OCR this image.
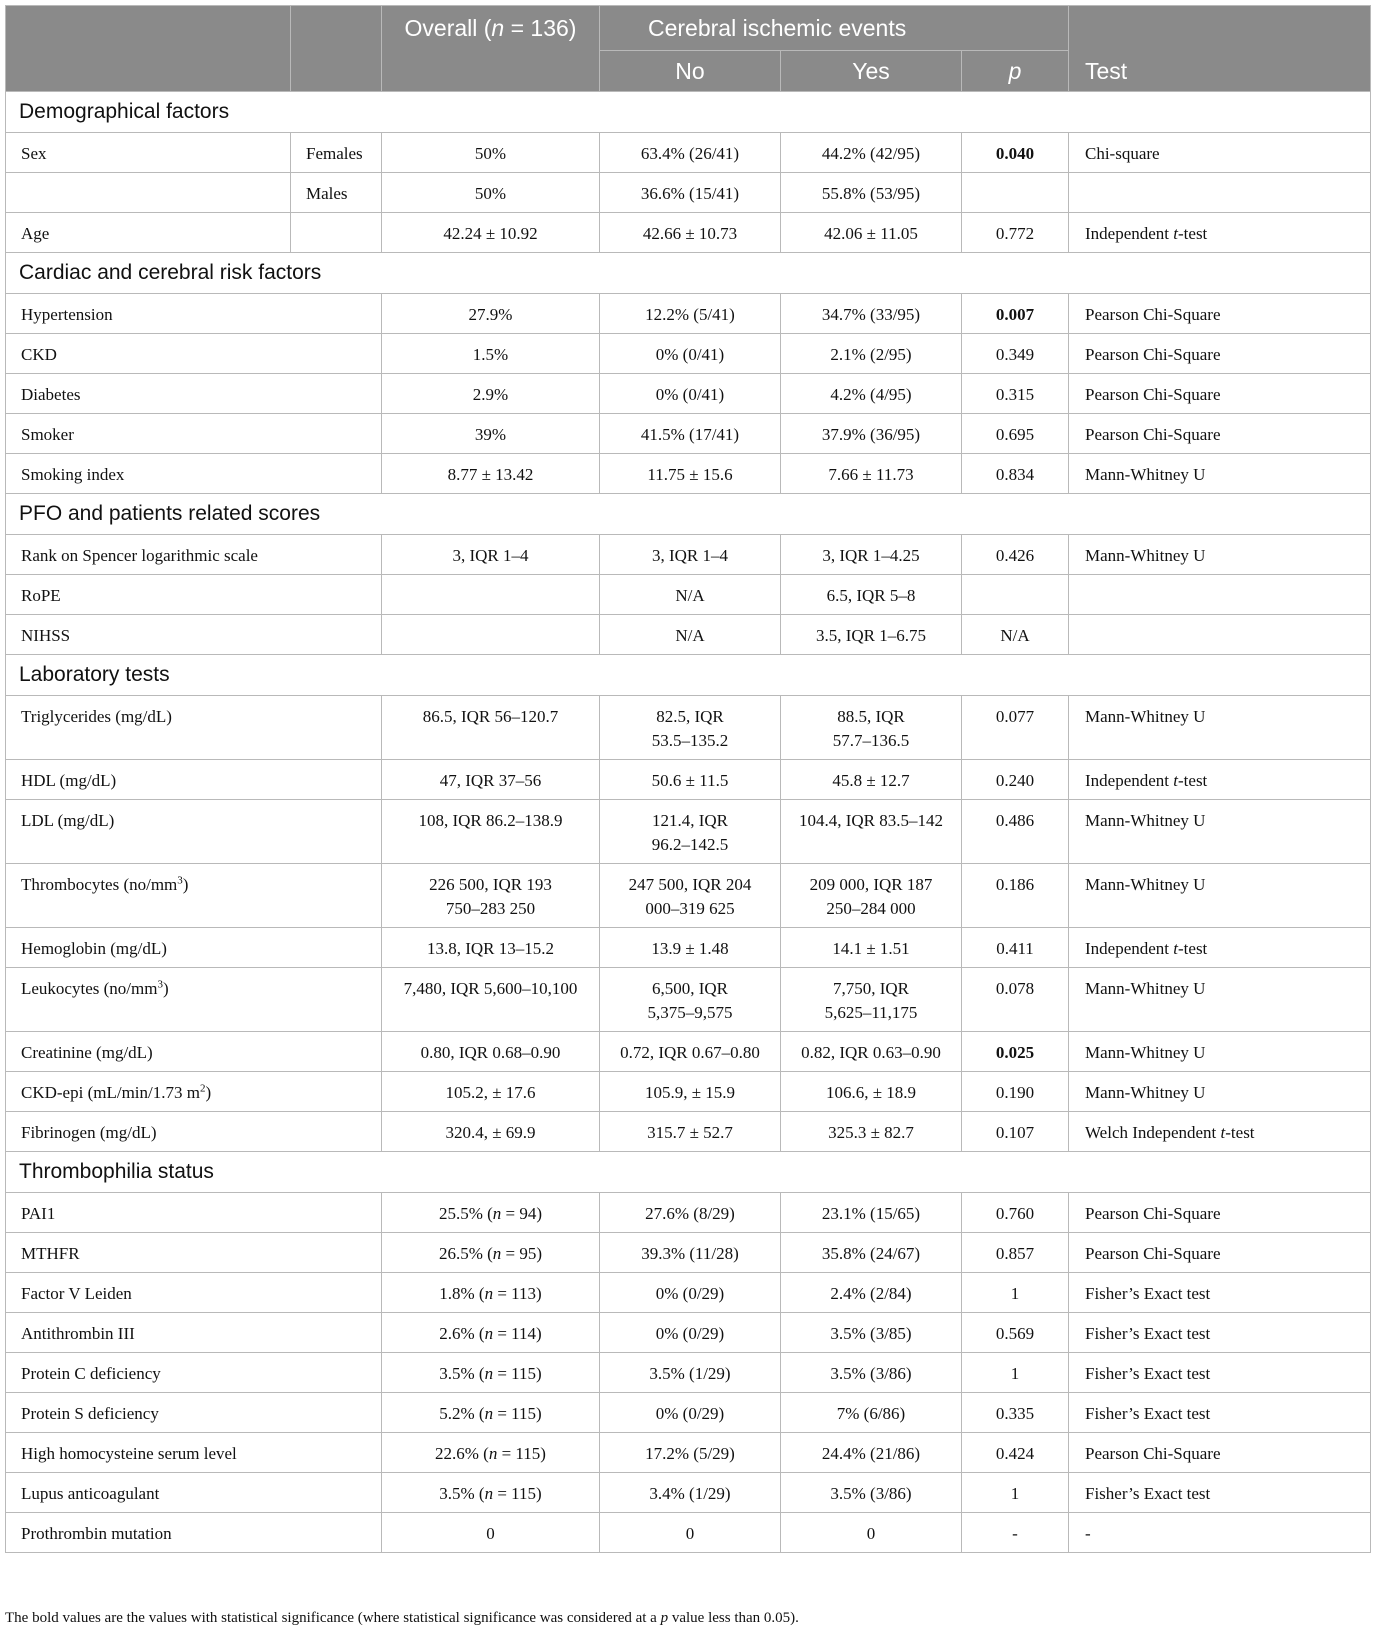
		Overall (n = 136)	Cerebral ischemic events			Test
			No	Yes	p	
Demographical factors						
Sex	Females	50%	63.4% (26/41)	44.2% (42/95)	0.040	Chi-square
	Males	50%	36.6% (15/41)	55.8% (53/95)		
Age		42.24 ± 10.92	42.66 ± 10.73	42.06 ± 11.05	0.772	Independent t-test
Cardiac and cerebral risk factors						
Hypertension		27.9%	12.2% (5/41)	34.7% (33/95)	0.007	Pearson Chi-Square
CKD		1.5%	0% (0/41)	2.1% (2/95)	0.349	Pearson Chi-Square
Diabetes		2.9%	0% (0/41)	4.2% (4/95)	0.315	Pearson Chi-Square
Smoker		39%	41.5% (17/41)	37.9% (36/95)	0.695	Pearson Chi-Square
Smoking index		8.77 ± 13.42	11.75 ± 15.6	7.66 ± 11.73	0.834	Mann-Whitney U
PFO and patients related scores						
Rank on Spencer logarithmic scale		3, IQR 1–4	3, IQR 1–4	3, IQR 1–4.25	0.426	Mann-Whitney U
RoPE			N/A	6.5, IQR 5–8		
NIHSS			N/A	3.5, IQR 1–6.75	N/A	
Laboratory tests						
Triglycerides (mg/dL)		86.5, IQR 56–120.7	82.5, IQR
53.5–135.2	88.5, IQR
57.7–136.5	0.077	Mann-Whitney U
HDL (mg/dL)		47, IQR 37–56	50.6 ± 11.5	45.8 ± 12.7	0.240	Independent t-test
LDL (mg/dL)		108, IQR 86.2–138.9	121.4, IQR
96.2–142.5	104.4, IQR 83.5–142	0.486	Mann-Whitney U
Thrombocytes $(no/mm^3)$		226 500, IQR 193
750–283 250	247 500, IQR 204
000–319 625	209 000, IQR 187
250–284 000	0.186	Mann-Whitney U
Hemoglobin (mg/dL)		13.8, IQR 13–15.2	13.9 ± 1.48	14.1 ± 1.51	0.411	Independent t-test
Leukocytes $(no/mm^3)$		7,480, IQR 5,600–10,100	6,500, IQR
5,375–9,575	7,750, IQR
5,625–11,175	0.078	Mann-Whitney U
Creatinine (mg/dL)		0.80, IQR 0.68–0.90	0.72, IQR 0.67–0.80	0.82, IQR 0.63–0.90	0.025	Mann-Whitney U
CKD-epi (mL/min/1.73 $m^2$)		105.2, ± 17.6	105.9, ± 15.9	106.6, ± 18.9	0.190	Mann-Whitney U
Fibrinogen (mg/dL)		320.4, ± 69.9	315.7 ± 52.7	325.3 ± 82.7	0.107	Welch Independent t-test
Thrombophilia status						
PAI1		25.5% (n = 94)	27.6% (8/29)	23.1% (15/65)	0.760	Pearson Chi-Square
MTHFR		26.5% (n = 95)	39.3% (11/28)	35.8% (24/67)	0.857	Pearson Chi-Square
Factor V Leiden		1.8% (n = 113)	0% (0/29)	2.4% (2/84)	1	Fisher’s Exact test
Antithrombin III		2.6% (n = 114)	0% (0/29)	3.5% (3/85)	0.569	Fisher’s Exact test
Protein C deficiency		3.5% (n = 115)	3.5% (1/29)	3.5% (3/86)	1	Fisher’s Exact test
Protein S deficiency		5.2% (n = 115)	0% (0/29)	7% (6/86)	0.335	Fisher’s Exact test
High homocysteine serum level		22.6% (n = 115)	17.2% (5/29)	24.4% (21/86)	0.424	Pearson Chi-Square
Lupus anticoagulant		3.5% (n = 115)	3.4% (1/29)	3.5% (3/86)	1	Fisher’s Exact test
Prothrombin mutation		0	0	0	-	-
The bold values are the values with statistical significance (where statistical significance was considered at a p value less than 0.05).
